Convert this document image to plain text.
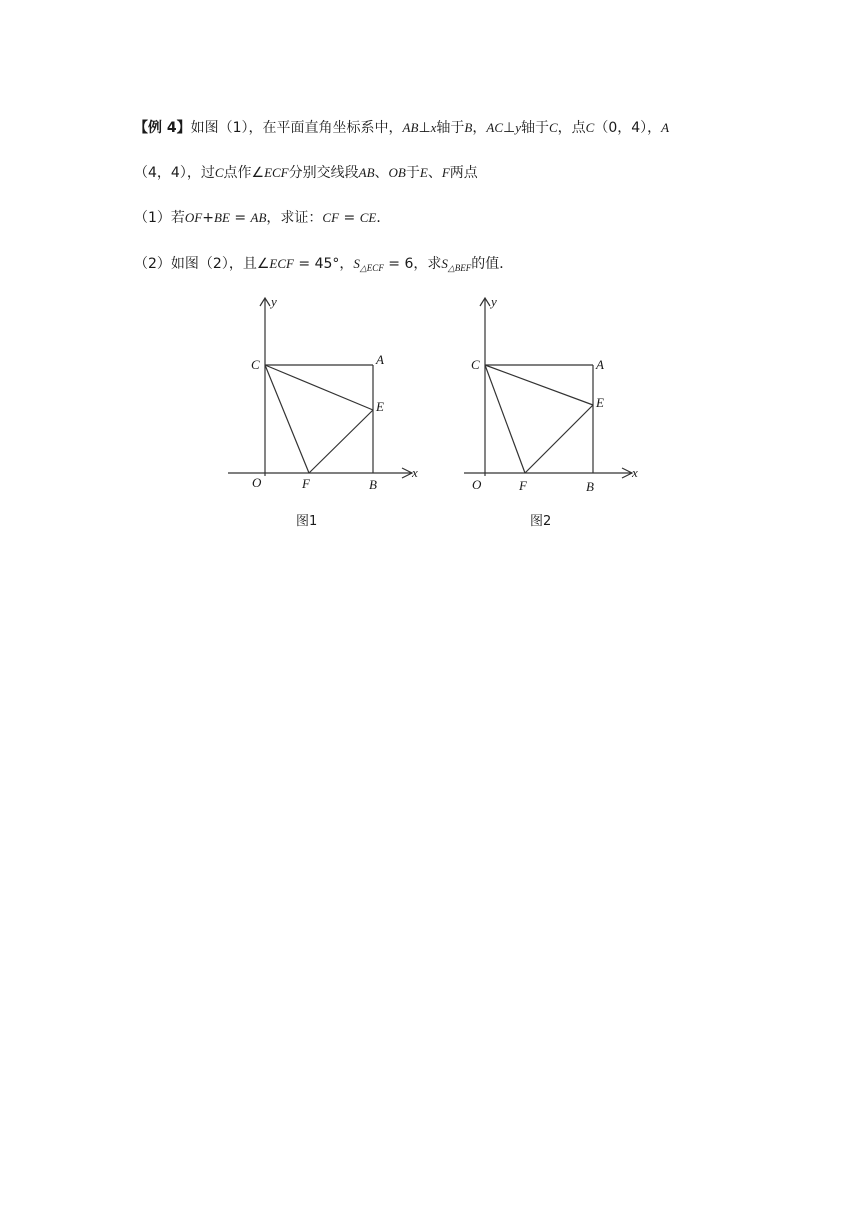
【例 4】如图（1），在平面直角坐标系中，AB⊥x轴于B，AC⊥y轴于C，点C（0，4），A
（4，4），过C点作∠ECF分别交线段AB、OB于E、F两点
（1）若OF+BE = AB，求证：CF = CE．
（2）如图（2），且∠ECF = 45°，$S_{\triangle ECF} = 6$，求$S_{\triangle BEF}$的值．
y
x
C	A
E
O	F	B
图1
y
x
C	A
E
O	F	B
图2
